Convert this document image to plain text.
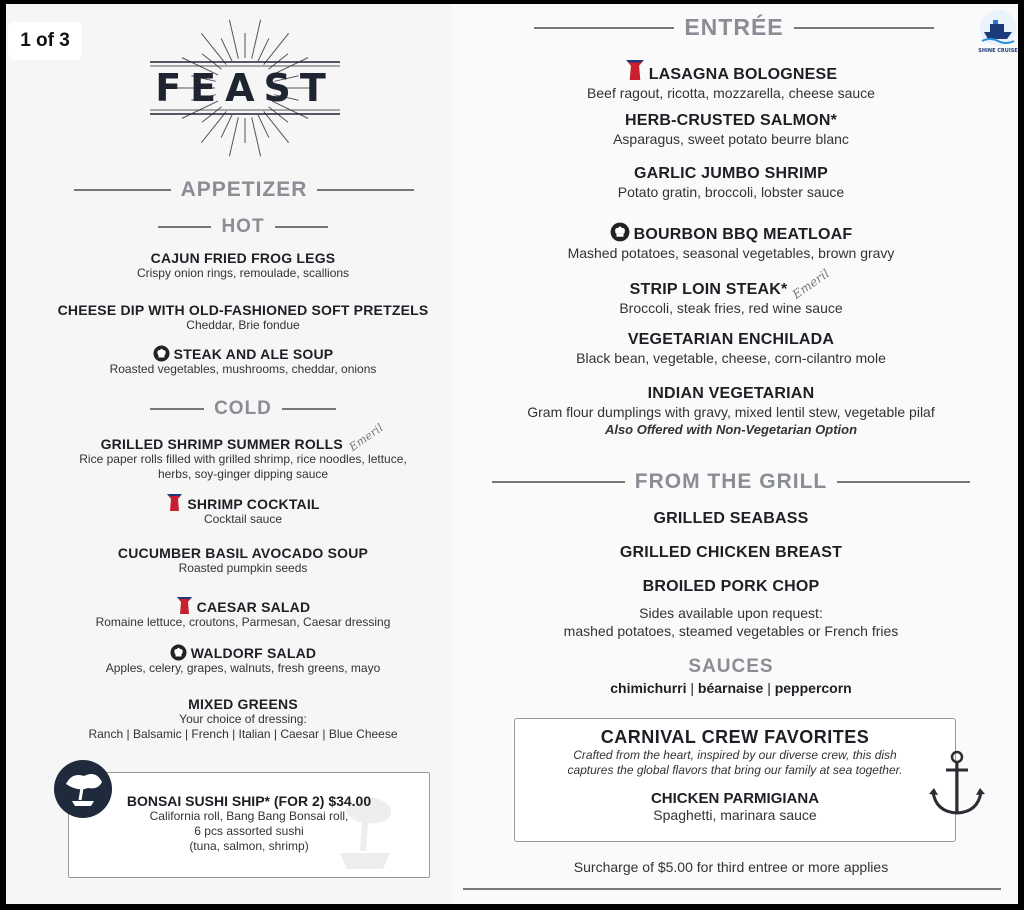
1 of 3
FEAST
SHINE CRUISE
APPETIZER
HOT
CAJUN FRIED FROG LEGS
Crispy onion rings, remoulade, scallions
CHEESE DIP WITH OLD-FASHIONED SOFT PRETZELS
Cheddar, Brie fondue
STEAK AND ALE SOUP
Roasted vegetables, mushrooms, cheddar, onions
COLD
GRILLED SHRIMP SUMMER ROLLS Emeril
Rice paper rolls filled with grilled shrimp, rice noodles, lettuce,
herbs, soy-ginger dipping sauce
SHRIMP COCKTAIL
Cocktail sauce
CUCUMBER BASIL AVOCADO SOUP
Roasted pumpkin seeds
CAESAR SALAD
Romaine lettuce, croutons, Parmesan, Caesar dressing
WALDORF SALAD
Apples, celery, grapes, walnuts, fresh greens, mayo
MIXED GREENS
Your choice of dressing:
Ranch | Balsamic | French | Italian | Caesar | Blue Cheese
BONSAI SUSHI SHIP* (FOR 2) $34.00
California roll, Bang Bang Bonsai roll,
6 pcs assorted sushi
(tuna, salmon, shrimp)
ENTRÉE
LASAGNA BOLOGNESE
Beef ragout, ricotta, mozzarella, cheese sauce
HERB-CRUSTED SALMON*
Asparagus, sweet potato beurre blanc
GARLIC JUMBO SHRIMP
Potato gratin, broccoli, lobster sauce
BOURBON BBQ MEATLOAF
Mashed potatoes, seasonal vegetables, brown gravy
STRIP LOIN STEAK* Emeril
Broccoli, steak fries, red wine sauce
VEGETARIAN ENCHILADA
Black bean, vegetable, cheese, corn-cilantro mole
INDIAN VEGETARIAN
Gram flour dumplings with gravy, mixed lentil stew, vegetable pilaf
Also Offered with Non-Vegetarian Option
FROM THE GRILL
GRILLED SEABASS
GRILLED CHICKEN BREAST
BROILED PORK CHOP
Sides available upon request:
mashed potatoes, steamed vegetables or French fries
SAUCES
chimichurri | béarnaise | peppercorn
CARNIVAL CREW FAVORITES
Crafted from the heart, inspired by our diverse crew, this dish
captures the global flavors that bring our family at sea together.
CHICKEN PARMIGIANA
Spaghetti, marinara sauce
Surcharge of $5.00 for third entree or more applies
